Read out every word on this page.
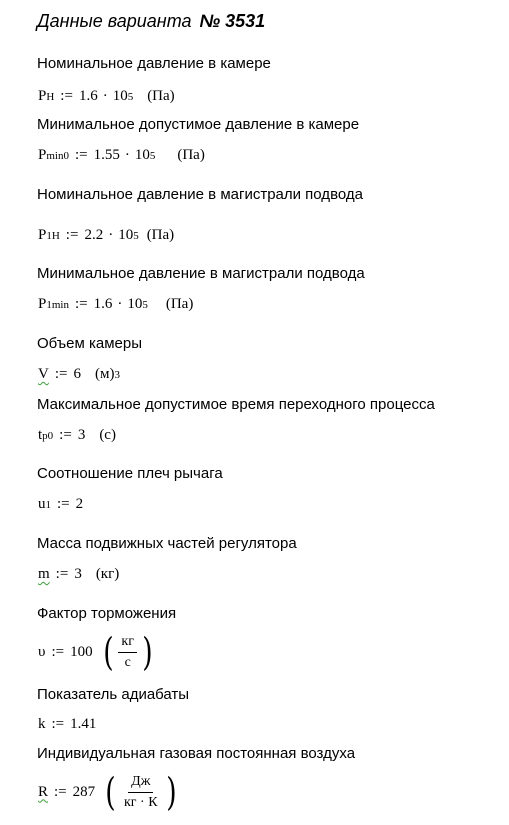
Данные варианта № 3531
Номинальное давление в камере
P H := 1.6 · 10 5 (Па)
Минимальное допустимое давление в камере
P min0 := 1.55 · 10 5 (Па)
Номинальное давление в магистрали подвода
P 1H := 2.2 · 10 5 (Па)
Минимальное давление в магистрали подвода
P 1min := 1.6 · 10 5 (Па)
Объем камеры
V := 6 (м) 3
Максимальное допустимое время переходного процесса
t p0 := 3 (с)
Соотношение плеч рычага
u 1 := 2
Масса подвижных частей регулятора
m := 3 (кг)
Фактор торможения
υ := 100 ( $\frac{кг}{с}$ )
Показатель адиабаты
k := 1.41
Индивидуальная газовая постоянная воздуха
R := 287 ( $\frac{Дж}{кг \cdot К}$ )
